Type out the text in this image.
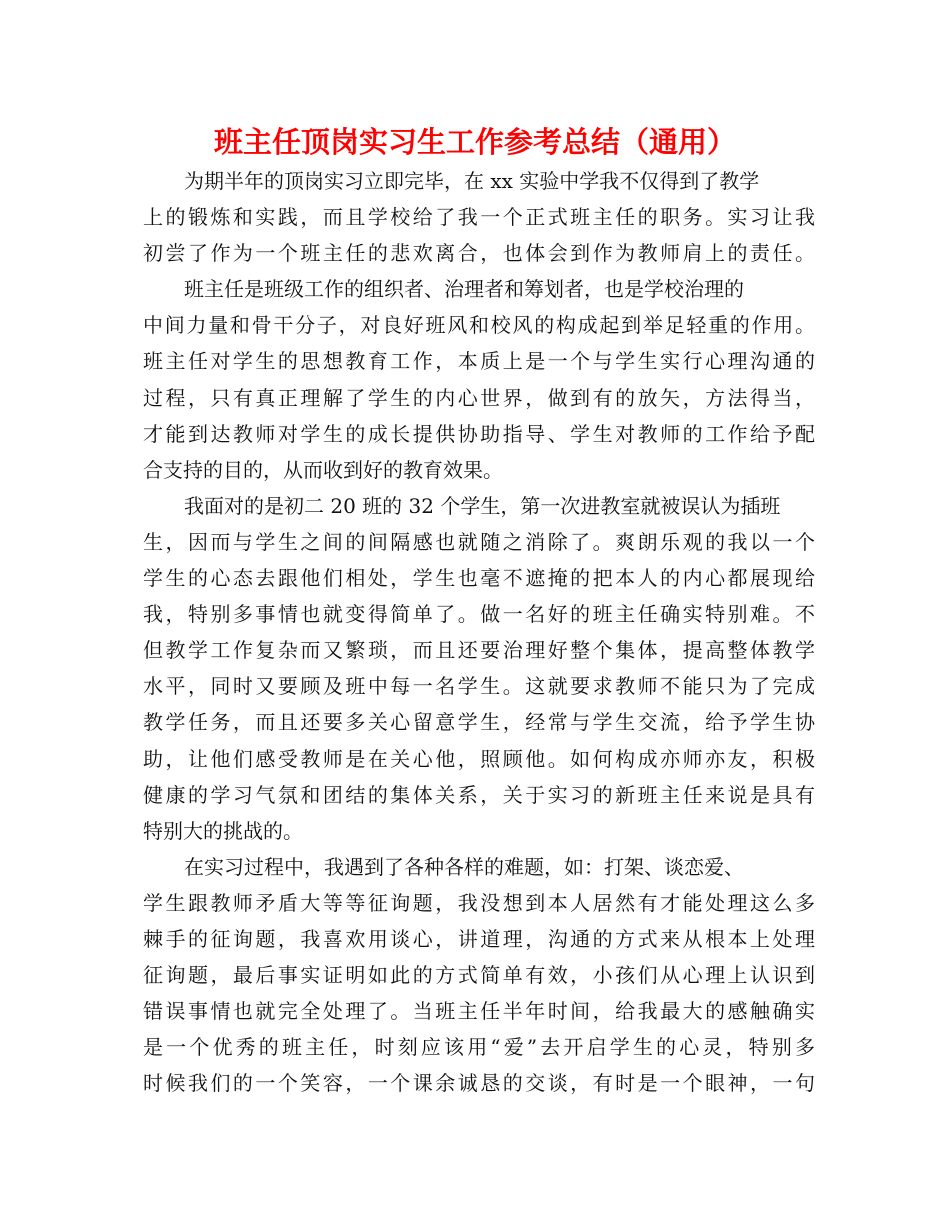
班主任顶岗实习生工作参考总结（通用）
为期半年的顶岗实习立即完毕，在 xx 实验中学我不仅得到了教学
上的锻炼和实践，而且学校给了我一个正式班主任的职务。实习让我
初尝了作为一个班主任的悲欢离合，也体会到作为教师肩上的责任。
班主任是班级工作的组织者、治理者和筹划者，也是学校治理的
中间力量和骨干分子，对良好班风和校风的构成起到举足轻重的作用。
班主任对学生的思想教育工作，本质上是一个与学生实行心理沟通的
过程，只有真正理解了学生的内心世界，做到有的放矢，方法得当，
才能到达教师对学生的成长提供协助指导、学生对教师的工作给予配
合支持的目的，从而收到好的教育效果。
我面对的是初二 20 班的 32 个学生，第一次进教室就被误认为插班
生，因而与学生之间的间隔感也就随之消除了。爽朗乐观的我以一个
学生的心态去跟他们相处，学生也毫不遮掩的把本人的内心都展现给
我，特别多事情也就变得简单了。做一名好的班主任确实特别难。不
但教学工作复杂而又繁琐，而且还要治理好整个集体，提高整体教学
水平，同时又要顾及班中每一名学生。这就要求教师不能只为了完成
教学任务，而且还要多关心留意学生，经常与学生交流，给予学生协
助，让他们感受教师是在关心他，照顾他。如何构成亦师亦友，积极
健康的学习气氛和团结的集体关系，关于实习的新班主任来说是具有
特别大的挑战的。
在实习过程中，我遇到了各种各样的难题，如：打架、谈恋爱、
学生跟教师矛盾大等等征询题，我没想到本人居然有才能处理这么多
棘手的征询题，我喜欢用谈心，讲道理，沟通的方式来从根本上处理
征询题，最后事实证明如此的方式简单有效，小孩们从心理上认识到
错误事情也就完全处理了。当班主任半年时间，给我最大的感触确实
是一个优秀的班主任，时刻应该用“爱”去开启学生的心灵，特别多
时候我们的一个笑容，一个课余诚恳的交谈，有时是一个眼神，一句
